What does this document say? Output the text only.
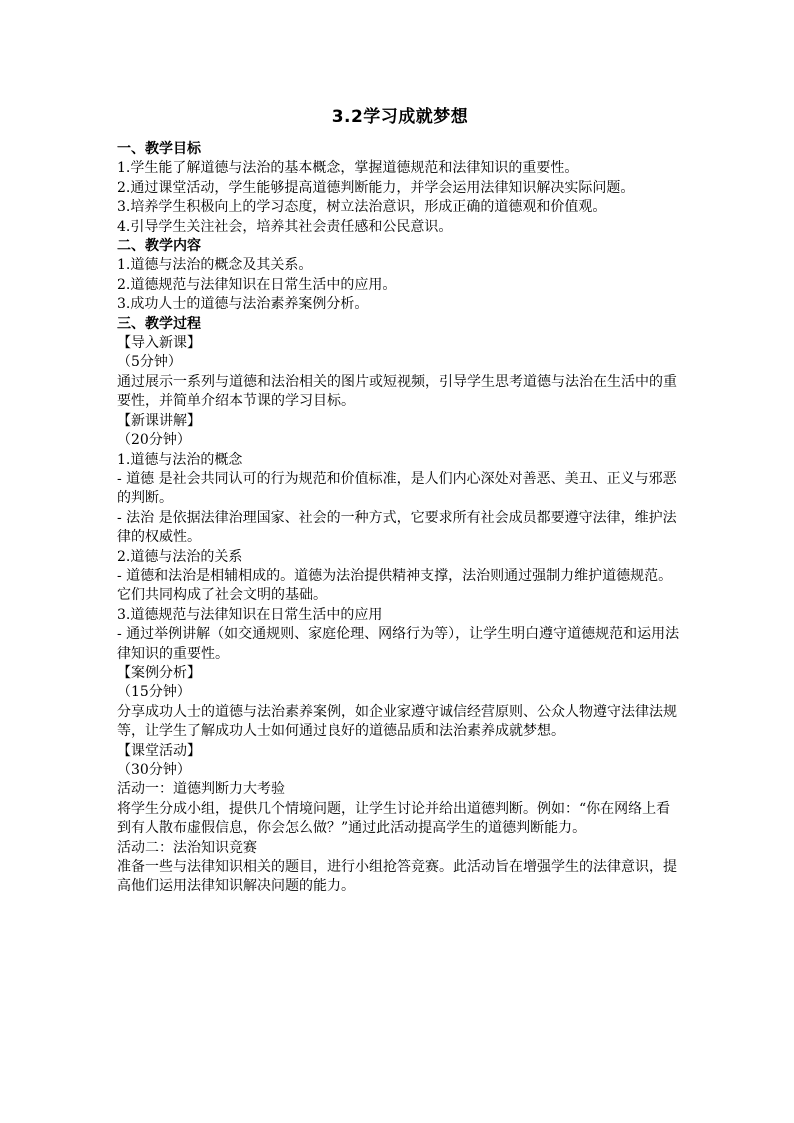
3.2学习成就梦想
一、教学目标
1.学生能了解道德与法治的基本概念，掌握道德规范和法律知识的重要性。
2.通过课堂活动，学生能够提高道德判断能力，并学会运用法律知识解决实际问题。
3.培养学生积极向上的学习态度，树立法治意识，形成正确的道德观和价值观。
4.引导学生关注社会，培养其社会责任感和公民意识。
二、教学内容
1.道德与法治的概念及其关系。
2.道德规范与法律知识在日常生活中的应用。
3.成功人士的道德与法治素养案例分析。
三、教学过程
【导入新课】
（5分钟）
通过展示一系列与道德和法治相关的图片或短视频，引导学生思考道德与法治在生活中的重要性，并简单介绍本节课的学习目标。
【新课讲解】
（20分钟）
1.道德与法治的概念
- 道德 是社会共同认可的行为规范和价值标准，是人们内心深处对善恶、美丑、正义与邪恶的判断。
- 法治 是依据法律治理国家、社会的一种方式，它要求所有社会成员都要遵守法律，维护法律的权威性。
2.道德与法治的关系
- 道德和法治是相辅相成的。道德为法治提供精神支撑，法治则通过强制力维护道德规范。它们共同构成了社会文明的基础。
3.道德规范与法律知识在日常生活中的应用
- 通过举例讲解（如交通规则、家庭伦理、网络行为等），让学生明白遵守道德规范和运用法律知识的重要性。
【案例分析】
（15分钟）
分享成功人士的道德与法治素养案例，如企业家遵守诚信经营原则、公众人物遵守法律法规等，让学生了解成功人士如何通过良好的道德品质和法治素养成就梦想。
【课堂活动】
（30分钟）
活动一：道德判断力大考验
将学生分成小组，提供几个情境问题，让学生讨论并给出道德判断。例如：“你在网络上看到有人散布虚假信息，你会怎么做？”通过此活动提高学生的道德判断能力。
活动二：法治知识竞赛
准备一些与法律知识相关的题目，进行小组抢答竞赛。此活动旨在增强学生的法律意识，提高他们运用法律知识解决问题的能力。
